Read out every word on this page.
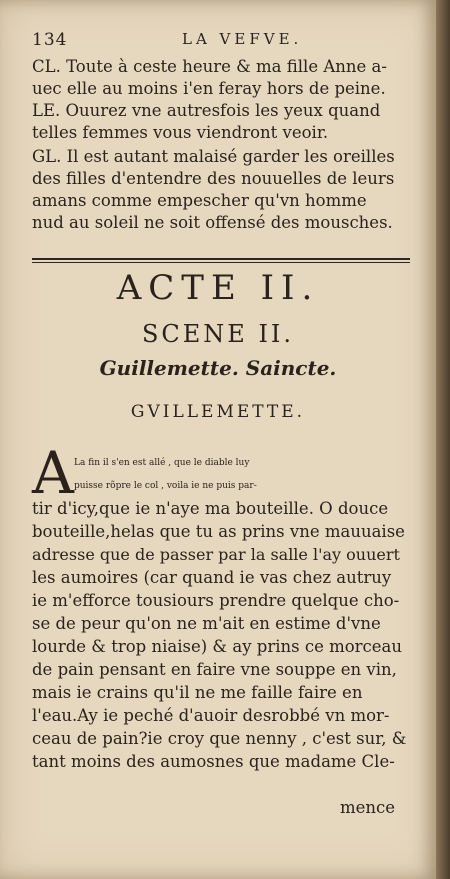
134	LA VEFVE.
CL. Toute à ceste heure & ma fille Anne a-
uec elle au moins i'en feray hors de peine.
LE. Ouurez vne autresfois les yeux quand
telles femmes vous viendront veoir.
GL. Il est autant malaisé garder les oreilles
des filles d'entendre des nouuelles de leurs
amans comme empescher qu'vn homme
nud au soleil ne soit offensé des mousches.
ACTE II.
SCENE II.
Guillemette. Saincte.
GVILLEMETTE.
A La fin il s'en est allé , que le diable luy
puisse rõpre le col , voila ie ne puis par-
tir d'icy,que ie n'aye ma bouteille. O douce
bouteille,helas que tu as prins vne mauuaise
adresse que de passer par la salle l'ay ouuert
les aumoires (car quand ie vas chez autruy
ie m'efforce tousiours prendre quelque cho-
se de peur qu'on ne m'ait en estime d'vne
lourde & trop niaise) & ay prins ce morceau
de pain pensant en faire vne souppe en vin,
mais ie crains qu'il ne me faille faire en
l'eau.Ay ie peché d'auoir desrobbé vn mor-
ceau de pain?ie croy que nenny , c'est sur, &
tant moins des aumosnes que madame Cle-
mence
